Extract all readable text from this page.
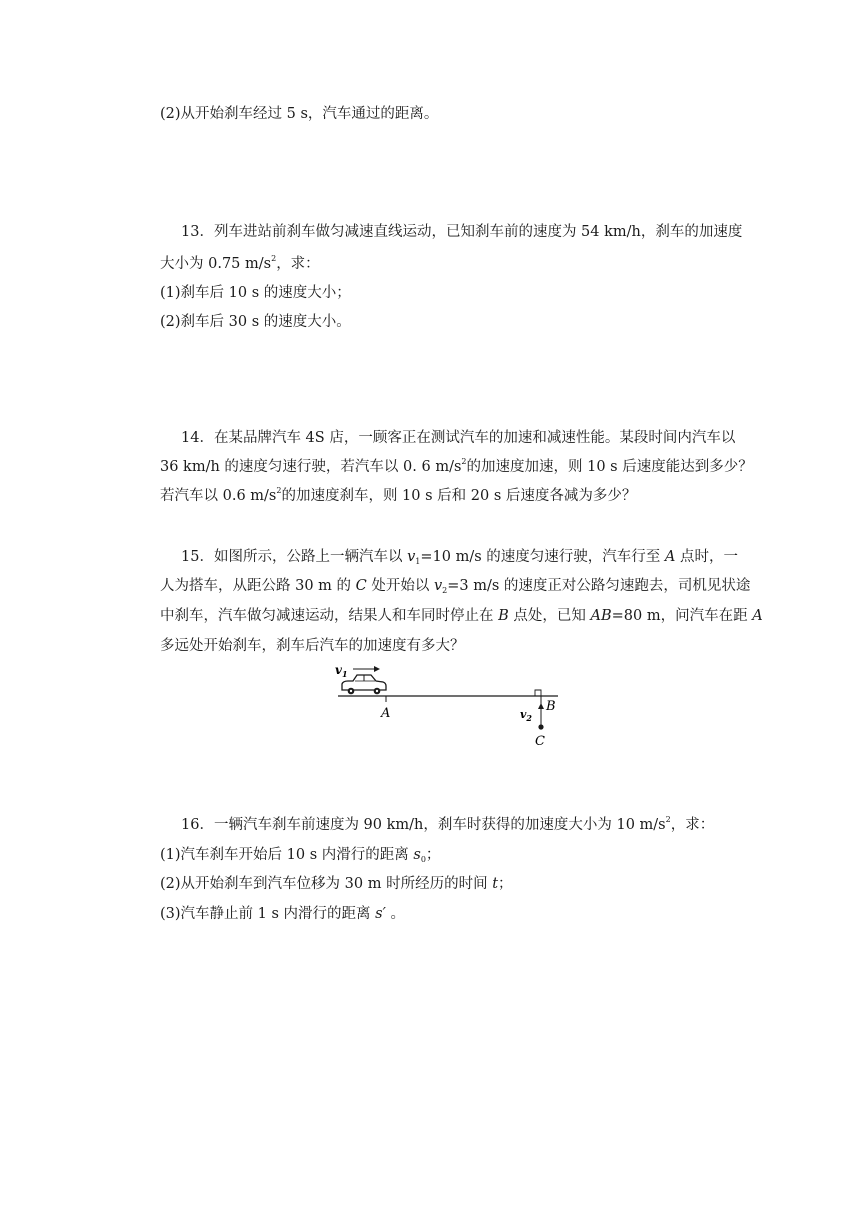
(2)从开始刹车经过 5 s，汽车通过的距离。
13．列车进站前刹车做匀减速直线运动，已知刹车前的速度为 54 km/h，刹车的加速度
大小为 0.75 $m/s^2$，求：
(1)刹车后 10 s 的速度大小；
(2)刹车后 30 s 的速度大小。
14．在某品牌汽车 4S 店，一顾客正在测试汽车的加速和减速性能。某段时间内汽车以
36 km/h 的速度匀速行驶，若汽车以 0. 6 $m/s^2$的加速度加速，则 10 s 后速度能达到多少？
若汽车以 0.6 $m/s^2$的加速度刹车，则 10 s 后和 20 s 后速度各减为多少？
15．如图所示，公路上一辆汽车以 $v_1=10$ m/s 的速度匀速行驶，汽车行至 A 点时，一
人为搭车，从距公路 30 m 的 C 处开始以 $v_2=3$ m/s 的速度正对公路匀速跑去，司机见状途
中刹车，汽车做匀减速运动，结果人和车同时停止在 B 点处，已知 AB=80 m，问汽车在距 A
多远处开始刹车，刹车后汽车的加速度有多大？
$v_1$
A	B
$v_2$
C
16．一辆汽车刹车前速度为 90 km/h，刹车时获得的加速度大小为 10 $m/s^2$，求：
(1)汽车刹车开始后 10 s 内滑行的距离 $s_0$；
(2)从开始刹车到汽车位移为 30 m 时所经历的时间 t；
(3)汽车静止前 1 s 内滑行的距离 s′ 。
